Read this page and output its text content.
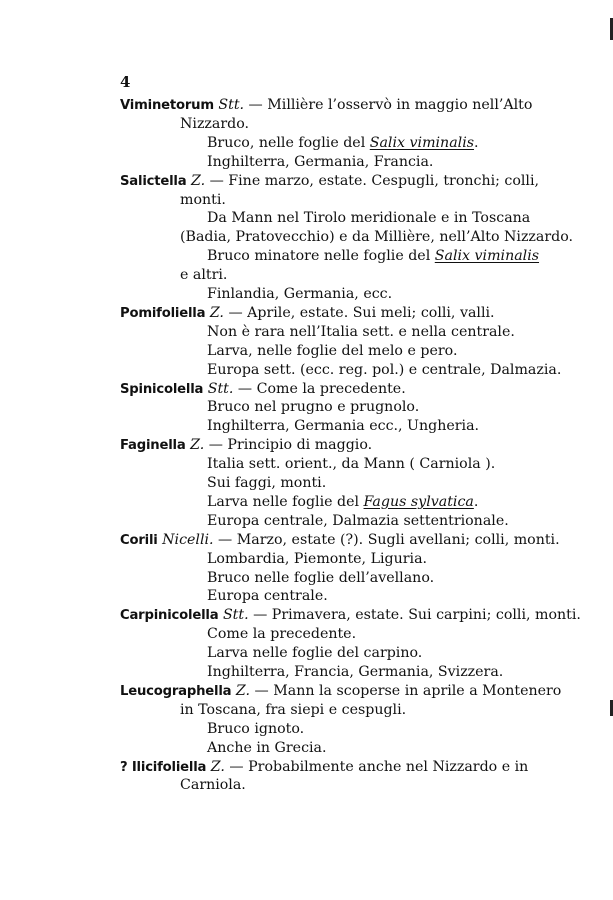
4
Viminetorum Stt. — Millière l’osservò in maggio nell’Alto
Nizzardo.
Bruco, nelle foglie del Salix viminalis.
Inghilterra, Germania, Francia.
Salictella Z. — Fine marzo, estate. Cespugli, tronchi; colli,
monti.
Da Mann nel Tirolo meridionale e in Toscana
(Badia, Pratovecchio) e da Millière, nell’Alto Nizzardo.
Bruco minatore nelle foglie del Salix viminalis
e altri.
Finlandia, Germania, ecc.
Pomifoliella Z. — Aprile, estate. Sui meli; colli, valli.
Non è rara nell’Italia sett. e nella centrale.
Larva, nelle foglie del melo e pero.
Europa sett. (ecc. reg. pol.) e centrale, Dalmazia.
Spinicolella Stt. — Come la precedente.
Bruco nel prugno e prugnolo.
Inghilterra, Germania ecc., Ungheria.
Faginella Z. — Principio di maggio.
Italia sett. orient., da Mann ( Carniola ).
Sui faggi, monti.
Larva nelle foglie del Fagus sylvatica.
Europa centrale, Dalmazia settentrionale.
Corili Nicelli. — Marzo, estate (?). Sugli avellani; colli, monti.
Lombardia, Piemonte, Liguria.
Bruco nelle foglie dell’avellano.
Europa centrale.
Carpinicolella Stt. — Primavera, estate. Sui carpini; colli, monti.
Come la precedente.
Larva nelle foglie del carpino.
Inghilterra, Francia, Germania, Svizzera.
Leucographella Z. — Mann la scoperse in aprile a Montenero
in Toscana, fra siepi e cespugli.
Bruco ignoto.
Anche in Grecia.
? Ilicifoliella Z. — Probabilmente anche nel Nizzardo e in
Carniola.
